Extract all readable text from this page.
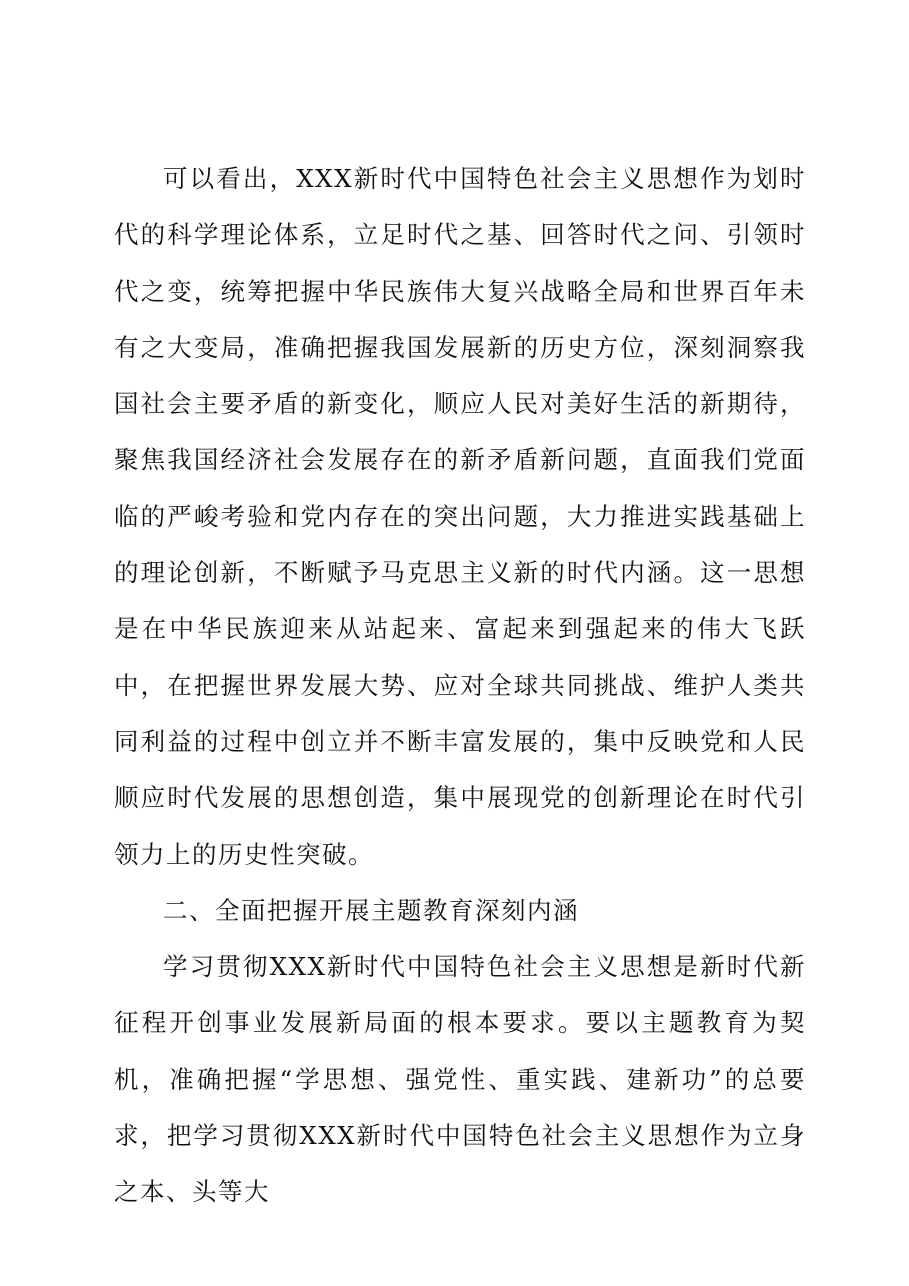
可以看出，XXX新时代中国特色社会主义思想作为划时代的科学理论体系，立足时代之基、回答时代之问、引领时代之变，统筹把握中华民族伟大复兴战略全局和世界百年未有之大变局，准确把握我国发展新的历史方位，深刻洞察我国社会主要矛盾的新变化，顺应人民对美好生活的新期待，聚焦我国经济社会发展存在的新矛盾新问题，直面我们党面临的严峻考验和党内存在的突出问题，大力推进实践基础上的理论创新，不断赋予马克思主义新的时代内涵。这一思想是在中华民族迎来从站起来、富起来到强起来的伟大飞跃中，在把握世界发展大势、应对全球共同挑战、维护人类共同利益的过程中创立并不断丰富发展的，集中反映党和人民顺应时代发展的思想创造，集中展现党的创新理论在时代引领力上的历史性突破。

二、全面把握开展主题教育深刻内涵

学习贯彻XXX新时代中国特色社会主义思想是新时代新征程开创事业发展新局面的根本要求。要以主题教育为契机，准确把握“学思想、强党性、重实践、建新功”的总要求，把学习贯彻XXX新时代中国特色社会主义思想作为立身之本、头等大
